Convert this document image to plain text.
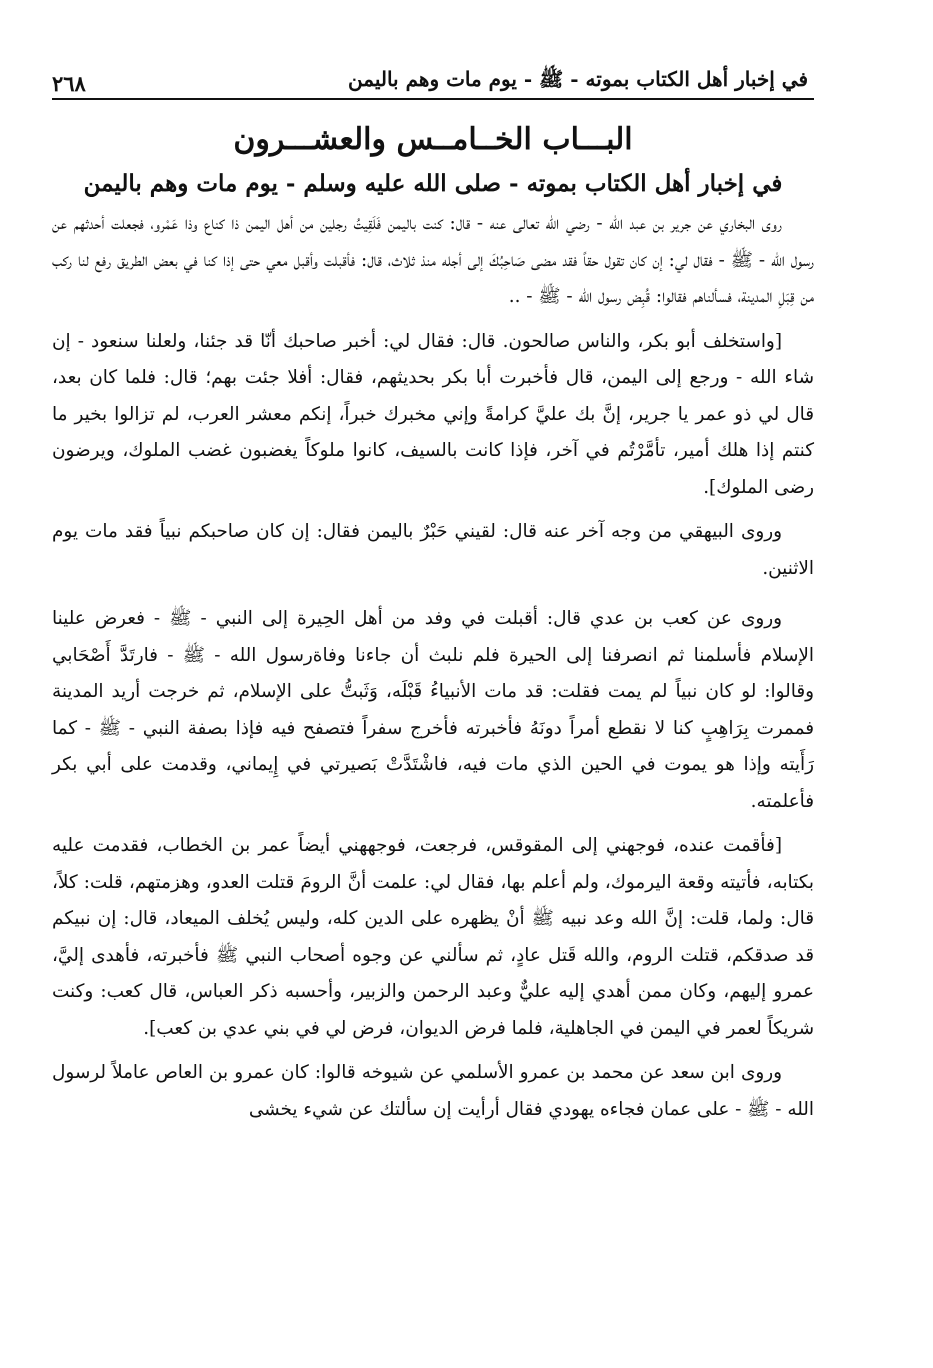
في إخبار أهل الكتاب بموته - ﷺ - يوم مات وهم باليمن
٢٦٨
البـــاب الخــامــس والعشـــرون
في إخبار أهل الكتاب بموته - صلى الله عليه وسلم - يوم مات وهم باليمن

روى البخاري عن جرير بن عبد الله - رضي الله تعالى عنه - قال: كنت باليمن فَلَقِيتُ رجلين من أهل اليمن ذا كناع وذا عَمْرو، فجعلت أحدثهم عن رسول الله - ﷺ - فقال لي: إن كان تقول حقاً فقد مضى صَاحِبُكَ إلى أجله منذ ثلاث، قال: فأقبلت وأقبل معي حتى إذا كنا في بعض الطريق رفع لنا ركب من قِبَلِ المدينة، فسألناهم فقالوا: قُبِض رسول الله - ﷺ - ..

[واستخلف أبو بكر، والناس صالحون. قال: فقال لي: أخبر صاحبك أنّا قد جئنا، ولعلنا سنعود - إن شاء الله - ورجع إلى اليمن، قال فأخبرت أبا بكر بحديثهم، فقال: أفلا جئت بهم؛ قال: فلما كان بعد، قال لي ذو عمر يا جرير، إنَّ بك عليَّ كرامةً وإني مخبرك خبراً، إنكم معشر العرب، لم تزالوا بخير ما كنتم إذا هلك أمير، تأمَّرْتُم في آخر، فإذا كانت بالسيف، كانوا ملوكاً يغضبون غضب الملوك، ويرضون رضى الملوك].

وروى البيهقي من وجه آخر عنه قال: لقيني حَبْرٌ باليمن فقال: إن كان صاحبكم نبياً فقد مات يوم الاثنين.

وروى عن كعب بن عدي قال: أقبلت في وفد من أهل الحِيرة إلى النبي - ﷺ - فعرض علينا الإسلام فأسلمنا ثم انصرفنا إلى الحيرة فلم نلبث أن جاءنا وفاةرسول الله - ﷺ - فارتَدَّ أَصْحَابي وقالوا: لو كان نبياً لم يمت فقلت: قد مات الأنبياءُ قَبْلَه، وَثَبتُّ على الإسلام، ثم خرجت أريد المدينة فممرت بِرَاهِبٍ كنا لا نقطع أمراً دونَهُ فأخبرته فأخرج سفراً فتصفح فيه فإذا بصفة النبي - ﷺ - كما رَأَيته وإذا هو يموت في الحين الذي مات فيه، فاشْتَدَّتْ بَصيرتي في إِيماني، وقدمت على أبي بكر فأعلمته.

[فأقمت عنده، فوجهني إلى المقوقس، فرجعت، فوجههني أيضاً عمر بن الخطاب، فقدمت عليه بكتابه، فأتيته وقعة اليرموك، ولم أعلم بها، فقال لي: علمت أنَّ الرومَ قتلت العدو، وهزمتهم، قلت: كلاً، قال: ولما، قلت: إنَّ الله وعد نبيه ﷺ أنْ يظهره على الدين كله، وليس يُخلف الميعاد، قال: إن نبيكم قد صدقكم، قتلت الروم، والله قَتل عادٍ، ثم سألني عن وجوه أصحاب النبي ﷺ فأخبرته، فأهدى إليَّ، عمرو إليهم، وكان ممن أهدي إليه عليٌّ وعبد الرحمن والزبير، وأحسبه ذكر العباس، قال كعب: وكنت شريكاً لعمر في اليمن في الجاهلية، فلما فرض الديوان، فرض لي في بني عدي بن كعب].

وروى ابن سعد عن محمد بن عمرو الأسلمي عن شيوخه قالوا: كان عمرو بن العاص عاملاً لرسول الله - ﷺ - على عمان فجاءه يهودي فقال أرأيت إن سألتك عن شيء يخشى
